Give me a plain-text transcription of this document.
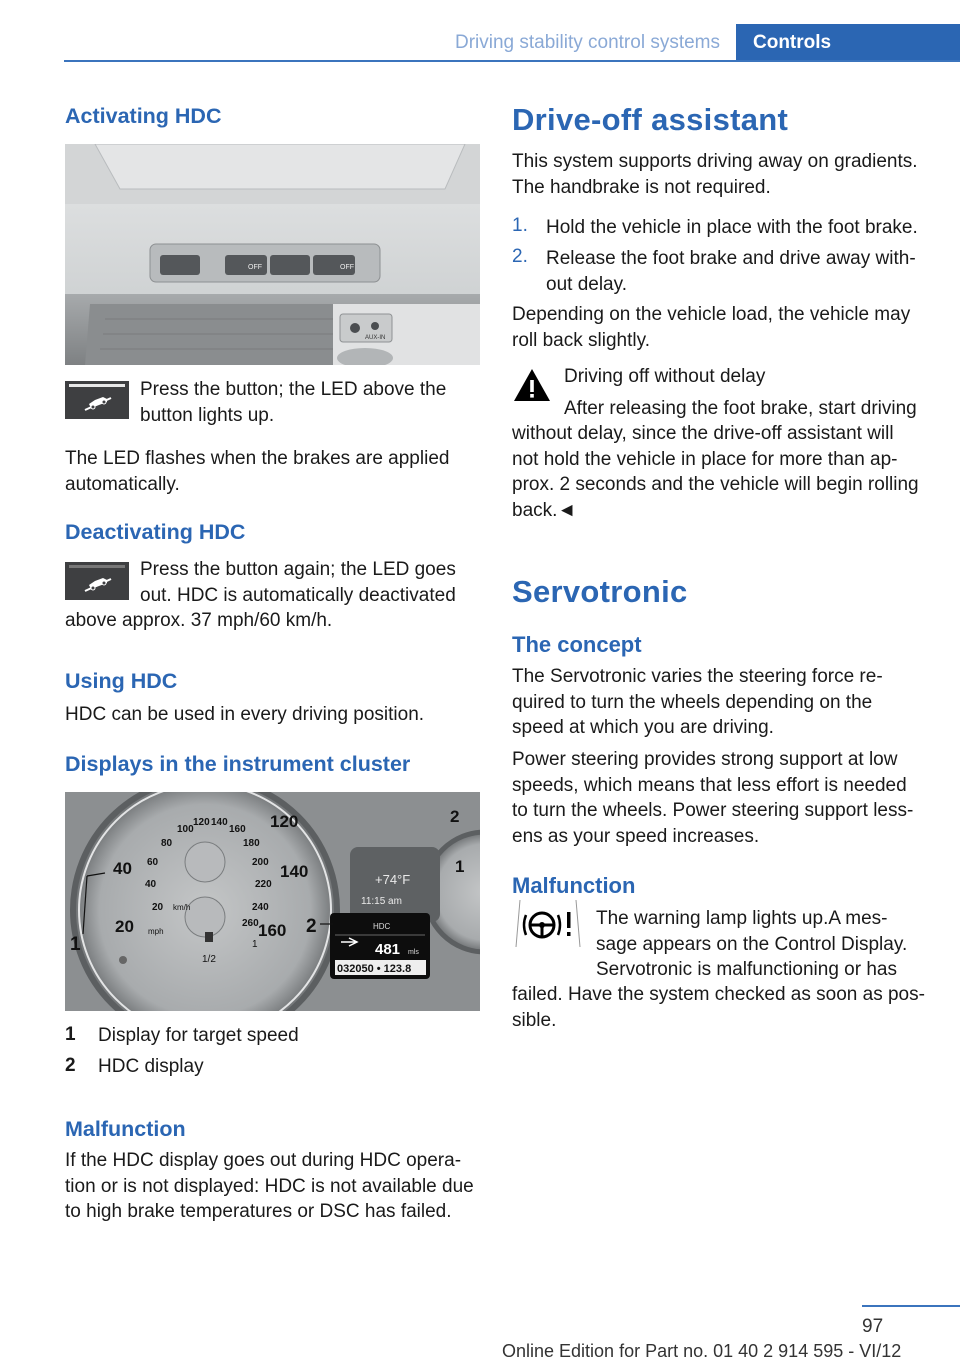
Driving stability control systems	Controls
Activating HDC
OFF	OFF
AUX-IN
Press the button; the LED above the
button lights up.
The LED flashes when the brakes are applied
automatically.
Deactivating HDC
Press the button again; the LED goes
out. HDC is automatically deactivated
above approx. 37 mph/60 km/h.
Using HDC
HDC can be used in every driving position.
Displays in the instrument cluster
40
20
120
140
160
20
40
60
80
100
120 140
160
180
200
220
240
260
km/h
mph
1/2
1
2
1
+74°F
11:15 am
HDC
481 mls
032050 • 123.8
1
2
1 Display for target speed
2 HDC display
Malfunction
If the HDC display goes out during HDC opera‐
tion or is not displayed: HDC is not available due
to high brake temperatures or DSC has failed.
Drive-off assistant
This system supports driving away on gradients.
The handbrake is not required.
1. Hold the vehicle in place with the foot brake.
2. Release the foot brake and drive away with‐
out delay.
Depending on the vehicle load, the vehicle may
roll back slightly.
Driving off without delay
After releasing the foot brake, start driving
without delay, since the drive-off assistant will
not hold the vehicle in place for more than ap‐
prox. 2 seconds and the vehicle will begin rolling
back.◄
Servotronic
The concept
The Servotronic varies the steering force re‐
quired to turn the wheels depending on the
speed at which you are driving.
Power steering provides strong support at low
speeds, which means that less effort is needed
to turn the wheels. Power steering support less‐
ens as your speed increases.
Malfunction
The warning lamp lights up.A mes‐
sage appears on the Control Display.
Servotronic is malfunctioning or has
failed. Have the system checked as soon as pos‐
sible.
97
Online Edition for Part no. 01 40 2 914 595 - VI/12
